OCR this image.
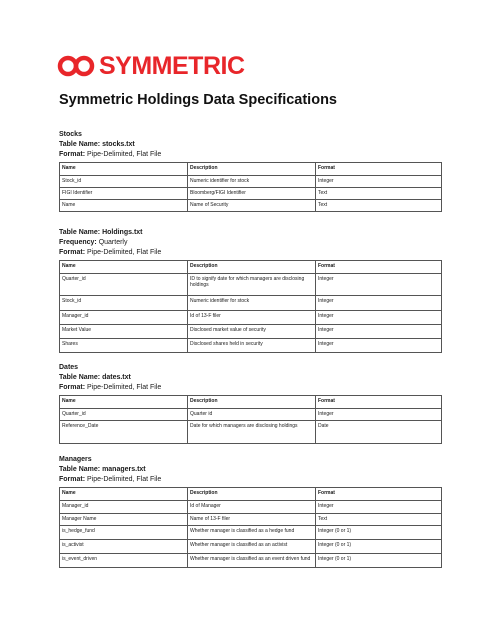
SYMMETRIC
Symmetric Holdings Data Specifications
Stocks
Table Name: stocks.txt
Format: Pipe-Delimited, Flat File
Name	Description	Format
Stock_id	Numeric identifier for stock	Integer
FIGI Identifier	Bloomberg/FIGI Identifier	Text
Name	Name of Security	Text
Table Name: Holdings.txt
Frequency: Quarterly
Format: Pipe-Delimited, Flat File
Name	Description	Format
Quarter_id	ID to signify date for which managers are disclosing holdings	Integer
Stock_id	Numeric identifier for stock	Integer
Manager_id	Id of 13-F filer	Integer
Market Value	Disclosed market value of security	Integer
Shares	Disclosed shares held in security	Integer
Dates
Table Name: dates.txt
Format: Pipe-Delimited, Flat File
Name	Description	Format
Quarter_id	Quarter id	Integer
Reference_Date	Date for which managers are disclosing holdings	Date
Managers
Table Name: managers.txt
Format: Pipe-Delimited, Flat File
Name	Description	Format
Manager_id	Id of Manager	Integer
Manager Name	Name of 13-F filer	Text
is_hedge_fund	Whether manager is classified as a hedge fund	Integer (0 or 1)
is_activist	Whether manager is classified as an activist	Integer (0 or 1)
is_event_driven	Whether manager is classified as an event driven fund	Integer (0 or 1)
